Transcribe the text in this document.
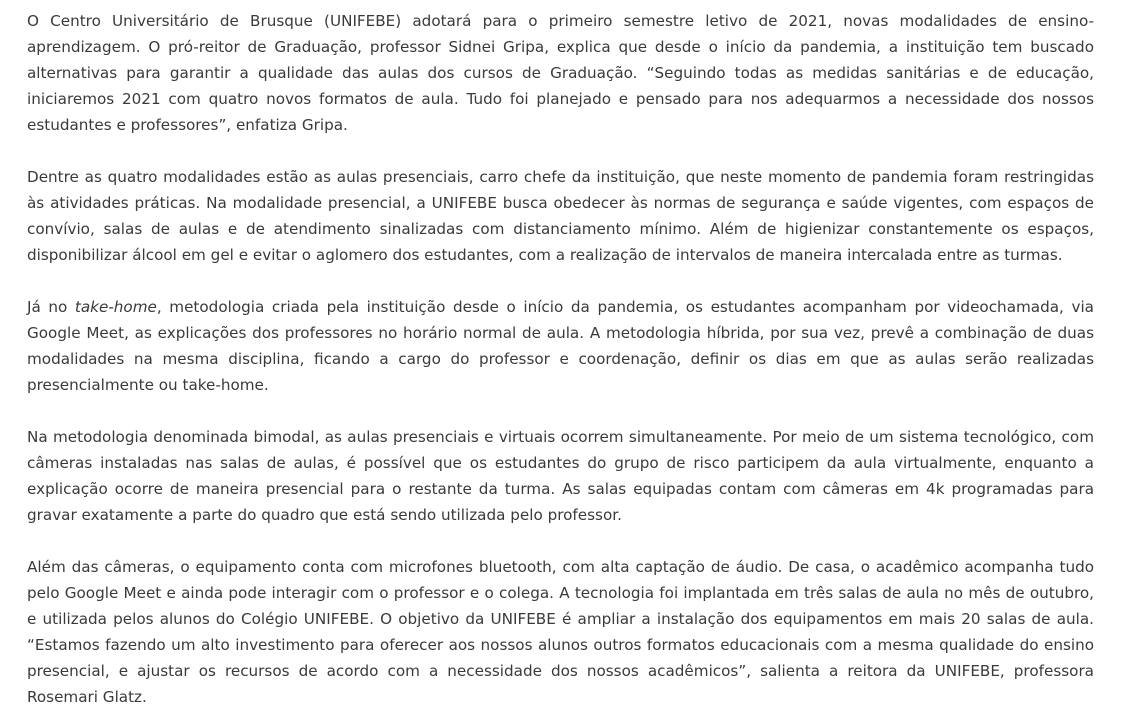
O Centro Universitário de Brusque (UNIFEBE) adotará para o primeiro semestre letivo de 2021, novas modalidades de ensino-aprendizagem. O pró-reitor de Graduação, professor Sidnei Gripa, explica que desde o início da pandemia, a instituição tem buscado alternativas para garantir a qualidade das aulas dos cursos de Graduação. “Seguindo todas as medidas sanitárias e de educação, iniciaremos 2021 com quatro novos formatos de aula. Tudo foi planejado e pensado para nos adequarmos a necessidade dos nossos estudantes e professores”, enfatiza Gripa.

Dentre as quatro modalidades estão as aulas presenciais, carro chefe da instituição, que neste momento de pandemia foram restringidas às atividades práticas. Na modalidade presencial, a UNIFEBE busca obedecer às normas de segurança e saúde vigentes, com espaços de convívio, salas de aulas e de atendimento sinalizadas com distanciamento mínimo. Além de higienizar constantemente os espaços, disponibilizar álcool em gel e evitar o aglomero dos estudantes, com a realização de intervalos de maneira intercalada entre as turmas.

Já no take-home, metodologia criada pela instituição desde o início da pandemia, os estudantes acompanham por videochamada, via Google Meet, as explicações dos professores no horário normal de aula. A metodologia híbrida, por sua vez, prevê a combinação de duas modalidades na mesma disciplina, ficando a cargo do professor e coordenação, definir os dias em que as aulas serão realizadas presencialmente ou take-home.

Na metodologia denominada bimodal, as aulas presenciais e virtuais ocorrem simultaneamente. Por meio de um sistema tecnológico, com câmeras instaladas nas salas de aulas, é possível que os estudantes do grupo de risco participem da aula virtualmente, enquanto a explicação ocorre de maneira presencial para o restante da turma. As salas equipadas contam com câmeras em 4k programadas para gravar exatamente a parte do quadro que está sendo utilizada pelo professor.

Além das câmeras, o equipamento conta com microfones bluetooth, com alta captação de áudio. De casa, o acadêmico acompanha tudo pelo Google Meet e ainda pode interagir com o professor e o colega. A tecnologia foi implantada em três salas de aula no mês de outubro, e utilizada pelos alunos do Colégio UNIFEBE. O objetivo da UNIFEBE é ampliar a instalação dos equipamentos em mais 20 salas de aula. “Estamos fazendo um alto investimento para oferecer aos nossos alunos outros formatos educacionais com a mesma qualidade do ensino presencial, e ajustar os recursos de acordo com a necessidade dos nossos acadêmicos”, salienta a reitora da UNIFEBE, professora Rosemari Glatz.
